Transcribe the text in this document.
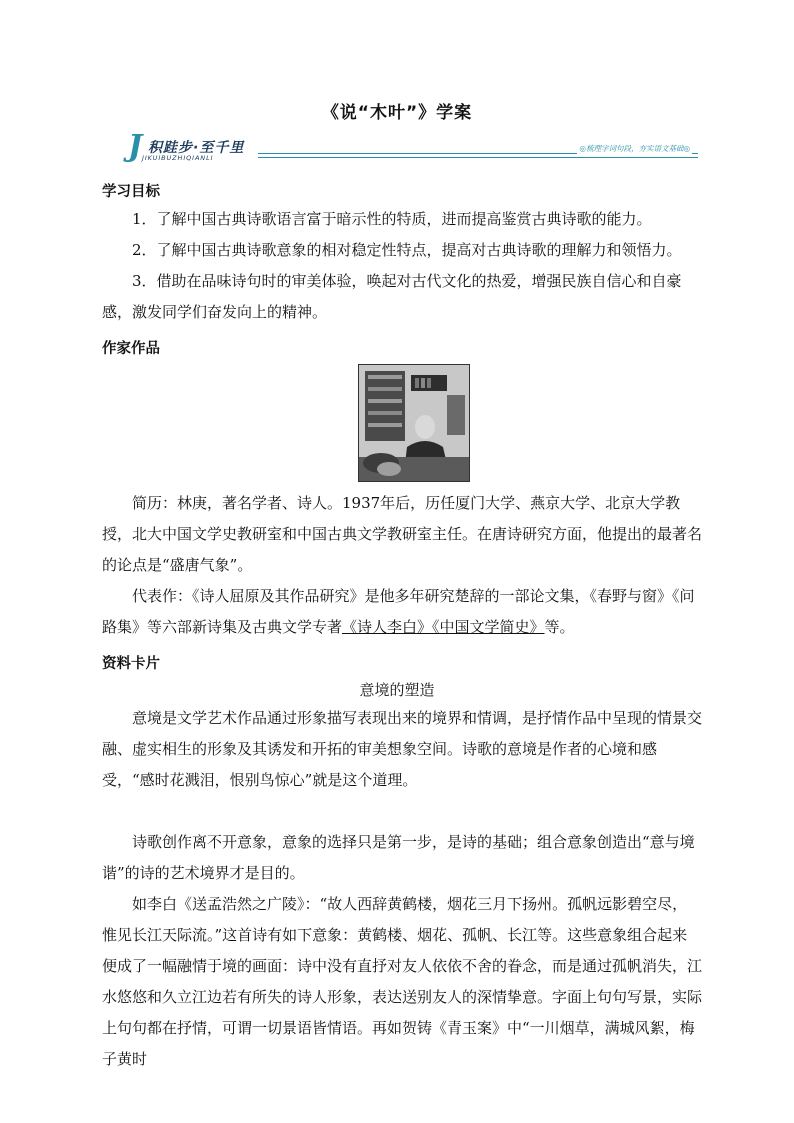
《说“木叶”》学案
J 积跬步·至千里
JIKUIBUZHIQIANLI
◎梳理字词句段，夯实语文基础◎
学习目标
1．了解中国古典诗歌语言富于暗示性的特质，进而提高鉴赏古典诗歌的能力。
2．了解中国古典诗歌意象的相对稳定性特点，提高对古典诗歌的理解力和领悟力。
3．借助在品味诗句时的审美体验，唤起对古代文化的热爱，增强民族自信心和自豪感，激发同学们奋发向上的精神。
作家作品
简历：林庚，著名学者、诗人。1937年后，历任厦门大学、燕京大学、北京大学教授，北大中国文学史教研室和中国古典文学教研室主任。在唐诗研究方面，他提出的最著名的论点是“盛唐气象”。
代表作：《诗人屈原及其作品研究》是他多年研究楚辞的一部论文集，《春野与窗》《问路集》等六部新诗集及古典文学专著《诗人李白》《中国文学简史》等。
资料卡片
意境的塑造
意境是文学艺术作品通过形象描写表现出来的境界和情调，是抒情作品中呈现的情景交融、虚实相生的形象及其诱发和开拓的审美想象空间。诗歌的意境是作者的心境和感受，“感时花溅泪，恨别鸟惊心”就是这个道理。
诗歌创作离不开意象，意象的选择只是第一步，是诗的基础；组合意象创造出“意与境谐”的诗的艺术境界才是目的。
如李白《送孟浩然之广陵》：“故人西辞黄鹤楼，烟花三月下扬州。孤帆远影碧空尽，惟见长江天际流。”这首诗有如下意象：黄鹤楼、烟花、孤帆、长江等。这些意象组合起来便成了一幅融情于境的画面：诗中没有直抒对友人依依不舍的眷念，而是通过孤帆消失，江水悠悠和久立江边若有所失的诗人形象，表达送别友人的深情挚意。字面上句句写景，实际上句句都在抒情，可谓一切景语皆情语。再如贺铸《青玉案》中“一川烟草，满城风絮，梅子黄时
